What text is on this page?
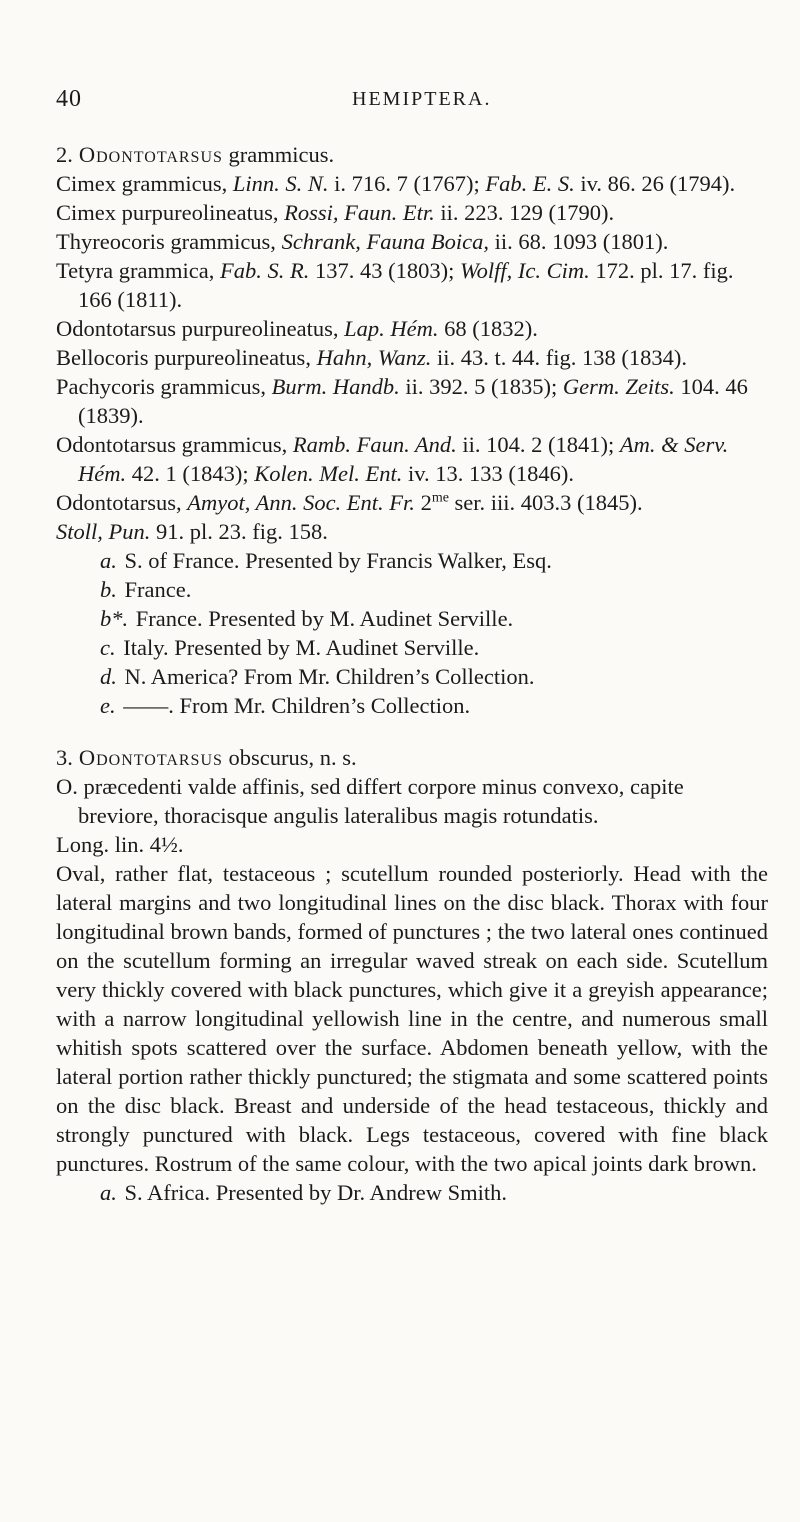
40	HEMIPTERA.

2. Odontotarsus grammicus.

Cimex grammicus, Linn. S. N. i. 716. 7 (1767); Fab. E. S. iv. 86. 26 (1794).

Cimex purpureolineatus, Rossi, Faun. Etr. ii. 223. 129 (1790).

Thyreocoris grammicus, Schrank, Fauna Boica, ii. 68. 1093 (1801).

Tetyra grammica, Fab. S. R. 137. 43 (1803); Wolff, Ic. Cim. 172. pl. 17. fig. 166 (1811).

Odontotarsus purpureolineatus, Lap. Hém. 68 (1832).

Bellocoris purpureolineatus, Hahn, Wanz. ii. 43. t. 44. fig. 138 (1834).

Pachycoris grammicus, Burm. Handb. ii. 392. 5 (1835); Germ. Zeits. 104. 46 (1839).

Odontotarsus grammicus, Ramb. Faun. And. ii. 104. 2 (1841); Am. & Serv. Hém. 42. 1 (1843); Kolen. Mel. Ent. iv. 13. 133 (1846).

Odontotarsus, Amyot, Ann. Soc. Ent. Fr. $2^{me}$ ser. iii. 403.3 (1845).

Stoll, Pun. 91. pl. 23. fig. 158.

a. S. of France. Presented by Francis Walker, Esq.

b. France.

b*. France. Presented by M. Audinet Serville.

c. Italy. Presented by M. Audinet Serville.

d. N. America? From Mr. Children’s Collection.

e. ——. From Mr. Children’s Collection.

3. Odontotarsus obscurus, n. s.

O. præcedenti valde affinis, sed differt corpore minus convexo, capite breviore, thoracisque angulis lateralibus magis rotundatis.

Long. lin. 4½.

Oval, rather flat, testaceous ; scutellum rounded posteriorly. Head with the lateral margins and two longitudinal lines on the disc black. Thorax with four longitudinal brown bands, formed of punctures ; the two lateral ones continued on the scutellum forming an irregular waved streak on each side. Scutellum very thickly covered with black punctures, which give it a greyish appearance; with a narrow longitudinal yellowish line in the centre, and numerous small whitish spots scattered over the surface. Abdomen beneath yellow, with the lateral portion rather thickly punctured; the stigmata and some scattered points on the disc black. Breast and underside of the head testaceous, thickly and strongly punctured with black. Legs testaceous, covered with fine black punctures. Rostrum of the same colour, with the two apical joints dark brown.

a. S. Africa. Presented by Dr. Andrew Smith.
